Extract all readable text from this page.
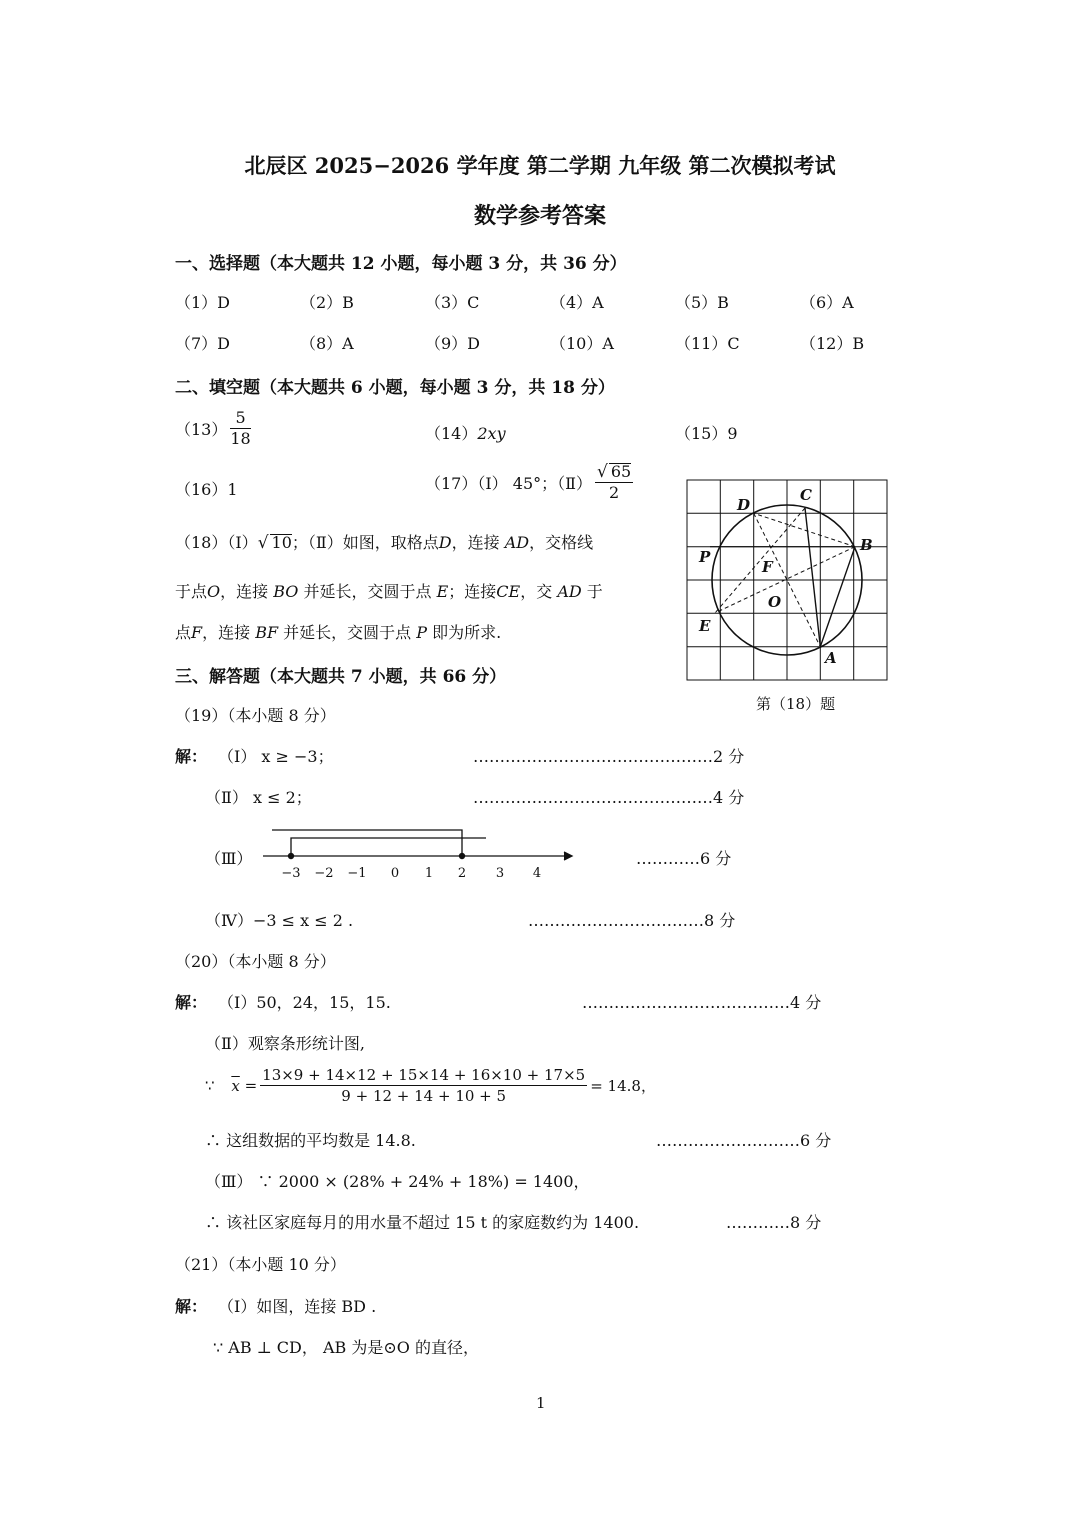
北辰区 2025−2026 学年度 第二学期 九年级 第二次模拟考试
数学参考答案
一、选择题（本大题共 12 小题，每小题 3 分，共 36 分）
（1）D	（2）B	（3）C	（4）A	（5）B	（6）A
（7）D	（8）A	（9）D	（10）A	（11）C	（12）B
二、填空题（本大题共 6 小题，每小题 3 分，共 18 分）
$(13) \frac{5}{18}$	（14）2xy	（15）9
（16）1	（17）（Ⅰ） 45°；（Ⅱ） $\frac{√ 65}{2}$
（18）（Ⅰ）√ 10；（Ⅱ）如图，取格点D，连接 AD，交格线
于点O，连接 BO 并延长，交圆于点 E；连接CE，交 AD 于
点F，连接 BF 并延长，交圆于点 P 即为所求.
D
C
B
P
F
O
E
A
第（18）题
三、解答题（本大题共 7 小题，共 66 分）
（19）（本小题 8 分）
解： （Ⅰ） x ≥ −3；	………………………………………2 分
（Ⅱ） x ≤ 2；	………………………………………4 分
（Ⅲ）
−3 −2 −1 0 1 2 3 4
…………6 分
（Ⅳ）−3 ≤ x ≤ 2 .	……………………………8 分
（20）（本小题 8 分）
解： （Ⅰ）50，24，15，15.	…………………………………4 分
（Ⅱ）观察条形统计图,
∵ $\overline{x} = \frac{13\times 9 + 14\times 12 + 15\times 14 + 16\times 10 + 17\times 5}{9 + 12 + 14 + 10 + 5} = 14.8$，
∴ 这组数据的平均数是 14.8.	………………………6 分
（Ⅲ） ∵ 2000 × (28% + 24% + 18%) = 1400，
∴ 该社区家庭每月的用水量不超过 15 t 的家庭数约为 1400.	…………8 分
（21）（本小题 10 分）
解： （Ⅰ）如图，连接 BD .
∵ AB ⊥ CD， AB 为是⊙O 的直径，
1
